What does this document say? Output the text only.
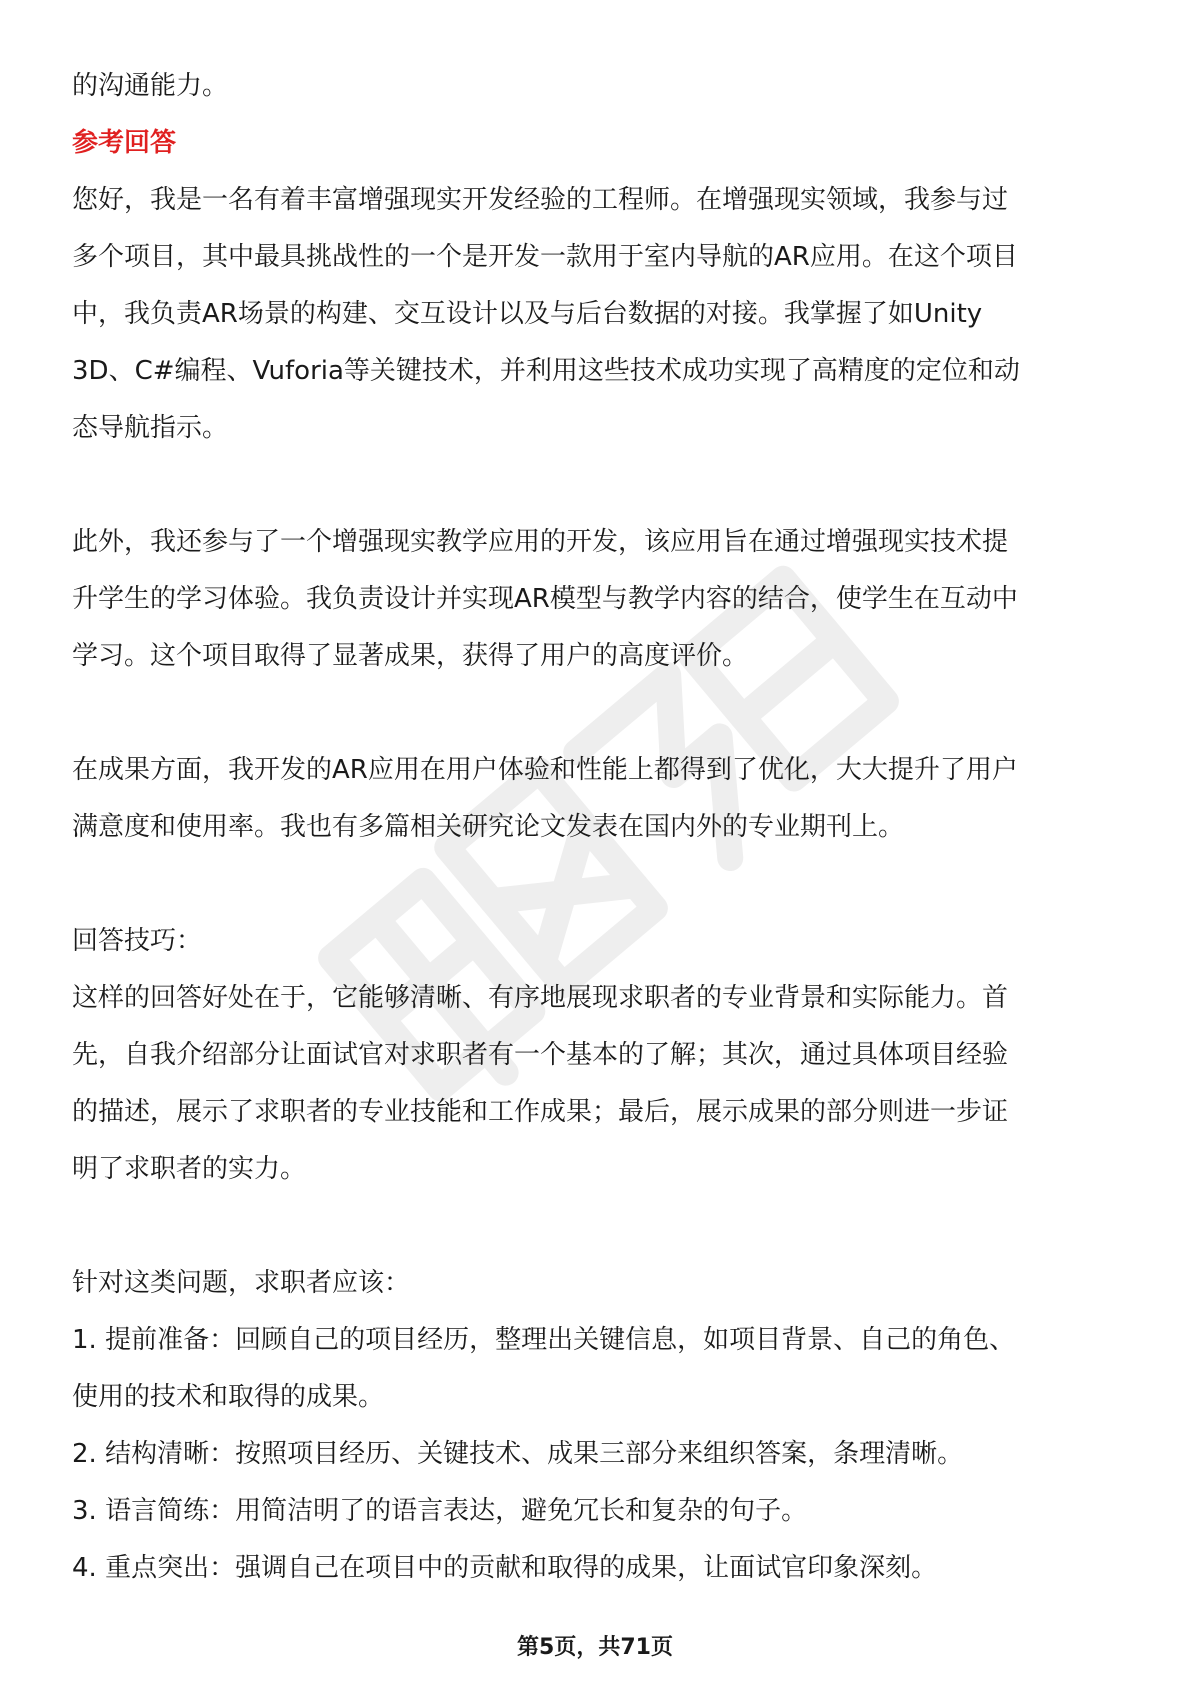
的沟通能力。
参考回答
您好，我是一名有着丰富增强现实开发经验的工程师。在增强现实领域，我参与过
多个项目，其中最具挑战性的一个是开发一款用于室内导航的AR应用。在这个项目
中，我负责AR场景的构建、交互设计以及与后台数据的对接。我掌握了如Unity
3D、C#编程、Vuforia等关键技术，并利用这些技术成功实现了高精度的定位和动
态导航指示。
此外，我还参与了一个增强现实教学应用的开发，该应用旨在通过增强现实技术提
升学生的学习体验。我负责设计并实现AR模型与教学内容的结合，使学生在互动中
学习。这个项目取得了显著成果，获得了用户的高度评价。
在成果方面，我开发的AR应用在用户体验和性能上都得到了优化，大大提升了用户
满意度和使用率。我也有多篇相关研究论文发表在国内外的专业期刊上。
回答技巧：
这样的回答好处在于，它能够清晰、有序地展现求职者的专业背景和实际能力。首
先，自我介绍部分让面试官对求职者有一个基本的了解；其次，通过具体项目经验
的描述，展示了求职者的专业技能和工作成果；最后，展示成果的部分则进一步证
明了求职者的实力。
针对这类问题，求职者应该：
1. 提前准备：回顾自己的项目经历，整理出关键信息，如项目背景、自己的角色、
使用的技术和取得的成果。
2. 结构清晰：按照项目经历、关键技术、成果三部分来组织答案，条理清晰。
3. 语言简练：用简洁明了的语言表达，避免冗长和复杂的句子。
4. 重点突出：强调自己在项目中的贡献和取得的成果，让面试官印象深刻。
第5页，共71页
